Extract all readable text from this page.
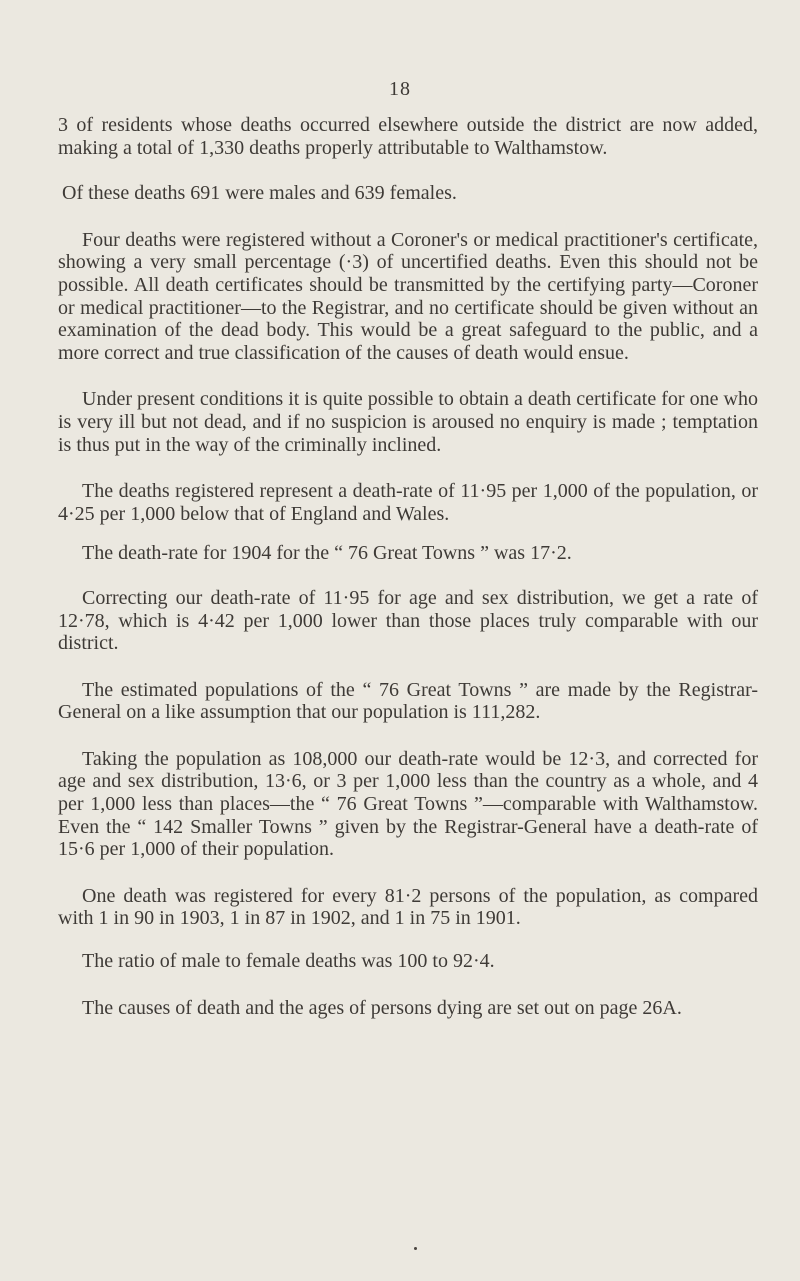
18

3 of residents whose deaths occurred elsewhere outside the district are now added, making a total of 1,330 deaths properly attributable to Walthamstow.

Of these deaths 691 were males and 639 females.

Four deaths were registered without a Coroner's or medical practitioner's certificate, showing a very small percentage (·3) of uncertified deaths. Even this should not be possible. All death certificates should be transmitted by the certifying party—Coroner or medical practitioner—to the Registrar, and no certificate should be given without an examination of the dead body. This would be a great safeguard to the public, and a more correct and true classification of the causes of death would ensue.

Under present conditions it is quite possible to obtain a death certificate for one who is very ill but not dead, and if no suspicion is aroused no enquiry is made ; temptation is thus put in the way of the criminally inclined.

The deaths registered represent a death-rate of 11·95 per 1,000 of the population, or 4·25 per 1,000 below that of England and Wales.

The death-rate for 1904 for the “ 76 Great Towns ” was 17·2.

Correcting our death-rate of 11·95 for age and sex distribution, we get a rate of 12·78, which is 4·42 per 1,000 lower than those places truly comparable with our district.

The estimated populations of the “ 76 Great Towns ” are made by the Registrar-General on a like assumption that our population is 111,282.

Taking the population as 108,000 our death-rate would be 12·3, and corrected for age and sex distribution, 13·6, or 3 per 1,000 less than the country as a whole, and 4 per 1,000 less than places—the “ 76 Great Towns ”—comparable with Walthamstow. Even the “ 142 Smaller Towns ” given by the Registrar-General have a death-rate of 15·6 per 1,000 of their population.

One death was registered for every 81·2 persons of the population, as compared with 1 in 90 in 1903, 1 in 87 in 1902, and 1 in 75 in 1901.

The ratio of male to female deaths was 100 to 92·4.

The causes of death and the ages of persons dying are set out on page 26A.
